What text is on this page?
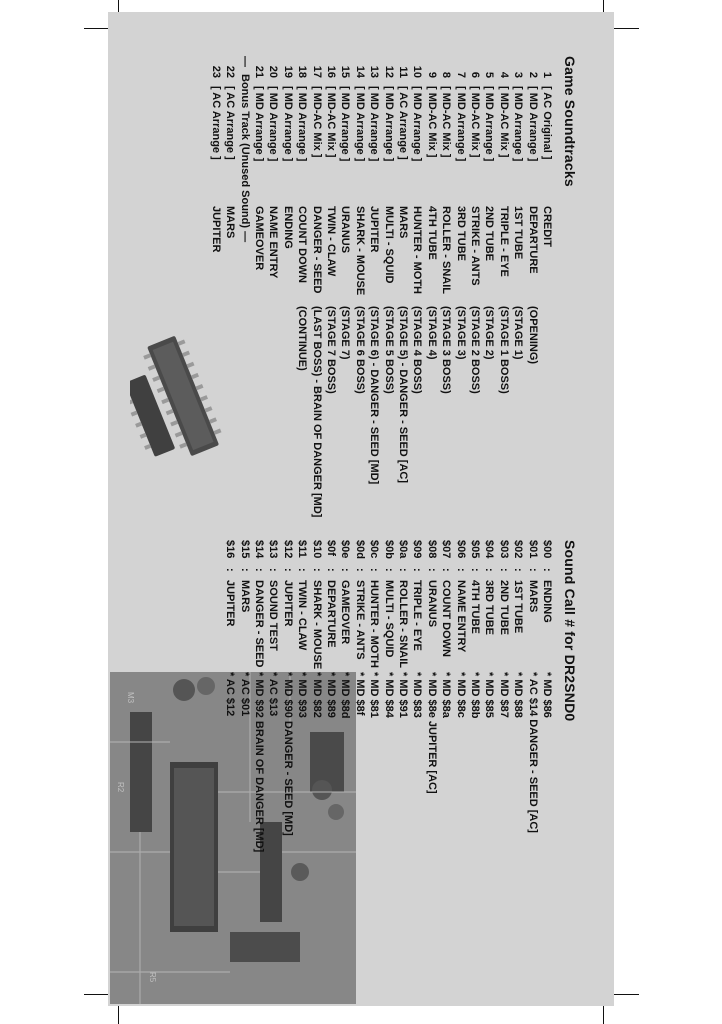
M3
R2
R5
Game Soundtracks
1[ AC Original ]CREDIT
2[ MD Arrange ]DEPARTURE(OPENING)
3[ MD Arrange ]1ST TUBE(STAGE 1)
4[ MD-AC Mix ]TRIPLE - EYE(STAGE 1 BOSS)
5[ MD Arrange ]2ND TUBE(STAGE 2)
6[ MD-AC Mix ]STRIKE - ANTS(STAGE 2 BOSS)
7[ MD Arrange ]3RD TUBE(STAGE 3)
8[ MD-AC Mix ]ROLLER - SNAIL(STAGE 3 BOSS)
9[ MD-AC Mix ]4TH TUBE(STAGE 4)
10[ MD Arrange ]HUNTER - MOTH(STAGE 4 BOSS)
11[ AC Arrange ]MARS(STAGE 5) - DANGER - SEED [AC]
12[ MD Arrange ]MULTI - SQUID(STAGE 5 BOSS)
13[ MD Arrange ]JUPITER(STAGE 6) - DANGER - SEED [MD]
14[ MD Arrange ]SHARK - MOUSE(STAGE 6 BOSS)
15[ MD Arrange ]URANUS(STAGE 7)
16[ MD-AC Mix ]TWIN - CLAW(STAGE 7 BOSS)
17[ MD-AC Mix ]DANGER - SEED(LAST BOSS) - BRAIN OF DANGER [MD]
18[ MD Arrange ]COUNT DOWN(CONTINUE)
19[ MD Arrange ]ENDING
20[ MD Arrange ]NAME ENTRY
21[ MD Arrange ]GAMEOVER
—Bonus Track (Unused Sound) —
22[ AC Arrange ]MARS
23[ AC Arrange ]JUPITER
Sound Call # for DR2SND0
$00:ENDING* MD $86
$01:MARS* AC $14 DANGER - SEED [AC]
$02:1ST TUBE* MD $88
$03:2ND TUBE* MD $87
$04:3RD TUBE* MD $85
$05:4TH TUBE* MD $8b
$06:NAME ENTRY* MD $8c
$07:COUNT DOWN* MD $8a
$08:URANUS* MD $8e JUPITER [AC]
$09:TRIPLE - EYE* MD $83
$0a:ROLLER - SNAIL* MD $91
$0b:MULTI - SQUID* MD $84
$0c:HUNTER - MOTH* MD $81
$0d:STRIKE - ANTS* MD $8f
$0e:GAMEOVER* MD $8d
$0f:DEPARTURE* MD $89
$10:SHARK - MOUSE* MD $82
$11:TWIN - CLAW* MD $93
$12:JUPITER* MD $90 DANGER - SEED [MD]
$13:SOUND TEST* AC $13
$14:DANGER - SEED* MD $92 BRAIN OF DANGER [MD]
$15:MARS* AC $01
$16:JUPITER* AC $12
